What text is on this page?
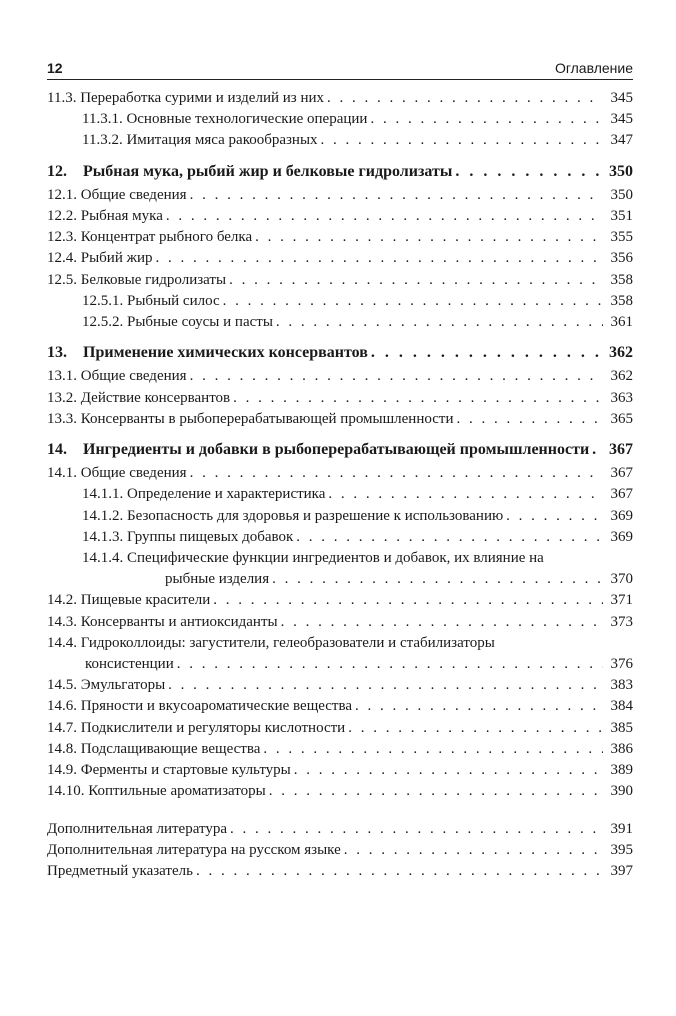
12	Оглавление
11.3. Переработка сурими и изделий из них . . .	345
11.3.1. Основные технологические операции . . .	345
11.3.2. Имитация мяса ракообразных . . .	347
12. Рыбная мука, рыбий жир и белковые гидролизаты . . .	350
12.1. Общие сведения . . .	350
12.2. Рыбная мука . . .	351
12.3. Концентрат рыбного белка . . .	355
12.4. Рыбий жир . . .	356
12.5. Белковые гидролизаты . . .	358
12.5.1. Рыбный силос . . .	358
12.5.2. Рыбные соусы и пасты . . .	361
13. Применение химических консервантов . . .	362
13.1. Общие сведения . . .	362
13.2. Действие консервантов . . .	363
13.3. Консерванты в рыбоперерабатывающей промышленности . . .	365
14. Ингредиенты и добавки в рыбоперерабатывающей промышленности . . .	367
14.1. Общие сведения . . .	367
14.1.1. Определение и характеристика . . .	367
14.1.2. Безопасность для здоровья и разрешение к использованию . . .	369
14.1.3. Группы пищевых добавок . . .	369
14.1.4. Специфические функции ингредиентов и добавок, их влияние на
рыбные изделия . . .	370
14.2. Пищевые красители . . .	371
14.3. Консерванты и антиоксиданты . . .	373
14.4. Гидроколлоиды: загустители, гелеобразователи и стабилизаторы
консистенции . . .	376
14.5. Эмульгаторы . . .	383
14.6. Пряности и вкусоароматические вещества . . .	384
14.7. Подкислители и регуляторы кислотности . . .	385
14.8. Подслащивающие вещества . . .	386
14.9. Ферменты и стартовые культуры . . .	389
14.10. Коптильные ароматизаторы . . .	390
Дополнительная литература . . .	391
Дополнительная литература на русском языке . . .	395
Предметный указатель . . .	397
